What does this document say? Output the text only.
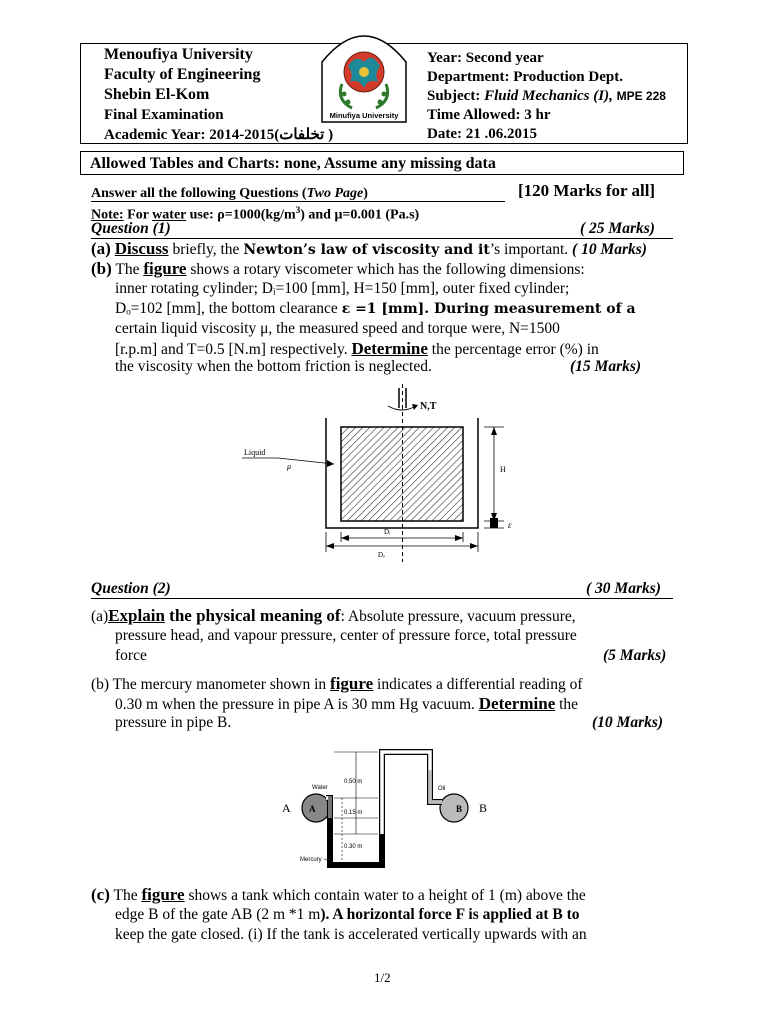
Menoufiya University
Faculty of Engineering
Shebin El-Kom
Final Examination
Academic Year: 2014-2015(تخلفات )
Minufiya University
Year: Second year
Department: Production Dept.
Subject: Fluid Mechanics (I), MPE 228
Time Allowed: 3 hr
Date: 21 .06.2015
Allowed Tables and Charts: none, Assume any missing data
Answer all the following Questions (Two Page)	[120 Marks for all]
Note: For water use: $\rho=1000(kg/m^3)$ and μ=0.001 (Pa.s)
Question (1)	( 25 Marks)
(a) Discuss briefly, the Newton’s law of viscosity and it’s important. ( 10 Marks)
(b) The figure shows a rotary viscometer which has the following dimensions:
inner rotating cylinder; Dᵢ=100 [mm], H=150 [mm], outer fixed cylinder;
Dₒ=102 [mm], the bottom clearance ε =1 [mm]. During measurement of a
certain liquid viscosity μ, the measured speed and torque were, N=1500
[r.p.m] and T=0.5 [N.m] respectively. Determine the percentage error (%) in
the viscosity when the bottom friction is neglected.	(15 Marks)
N,T
Liquid
μ	H
ε
Dᵢ
Dₒ
Question (2)	( 30 Marks)
(a)Explain the physical meaning of: Absolute pressure, vacuum pressure,
pressure head, and vapour pressure, center of pressure force, total pressure
force	(5 Marks)
(b) The mercury manometer shown in figure indicates a differential reading of
0.30 m when the pressure in pipe A is 30 mm Hg vacuum. Determine the
pressure in pipe B.	(10 Marks)
A
A
Water
B B
Oil
0.50 m
0.15 m
0.30 m
Mercury
(c) The figure shows a tank which contain water to a height of 1 (m) above the
edge B of the gate AB (2 m *1 m). A horizontal force F is applied at B to
keep the gate closed. (i) If the tank is accelerated vertically upwards with an
1/2
